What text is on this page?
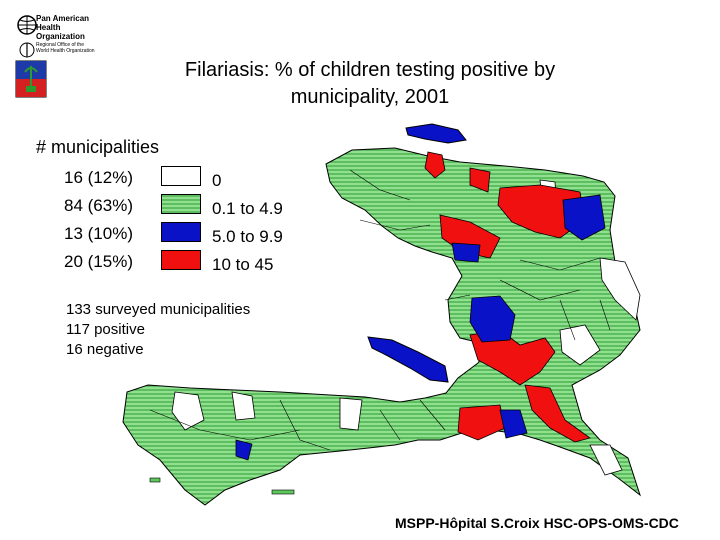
Pan American
Health
Organization
Regional Office of the
World Health Organization
Filariasis: % of children testing positive by
municipality, 2001
# municipalities
16 (12%)	0
84 (63%)	0.1 to 4.9
13 (10%)	5.0 to 9.9
20 (15%)	10 to 45
133 surveyed municipalities
117 positive
16 negative
MSPP-Hôpital S.Croix HSC-OPS-OMS-CDC
